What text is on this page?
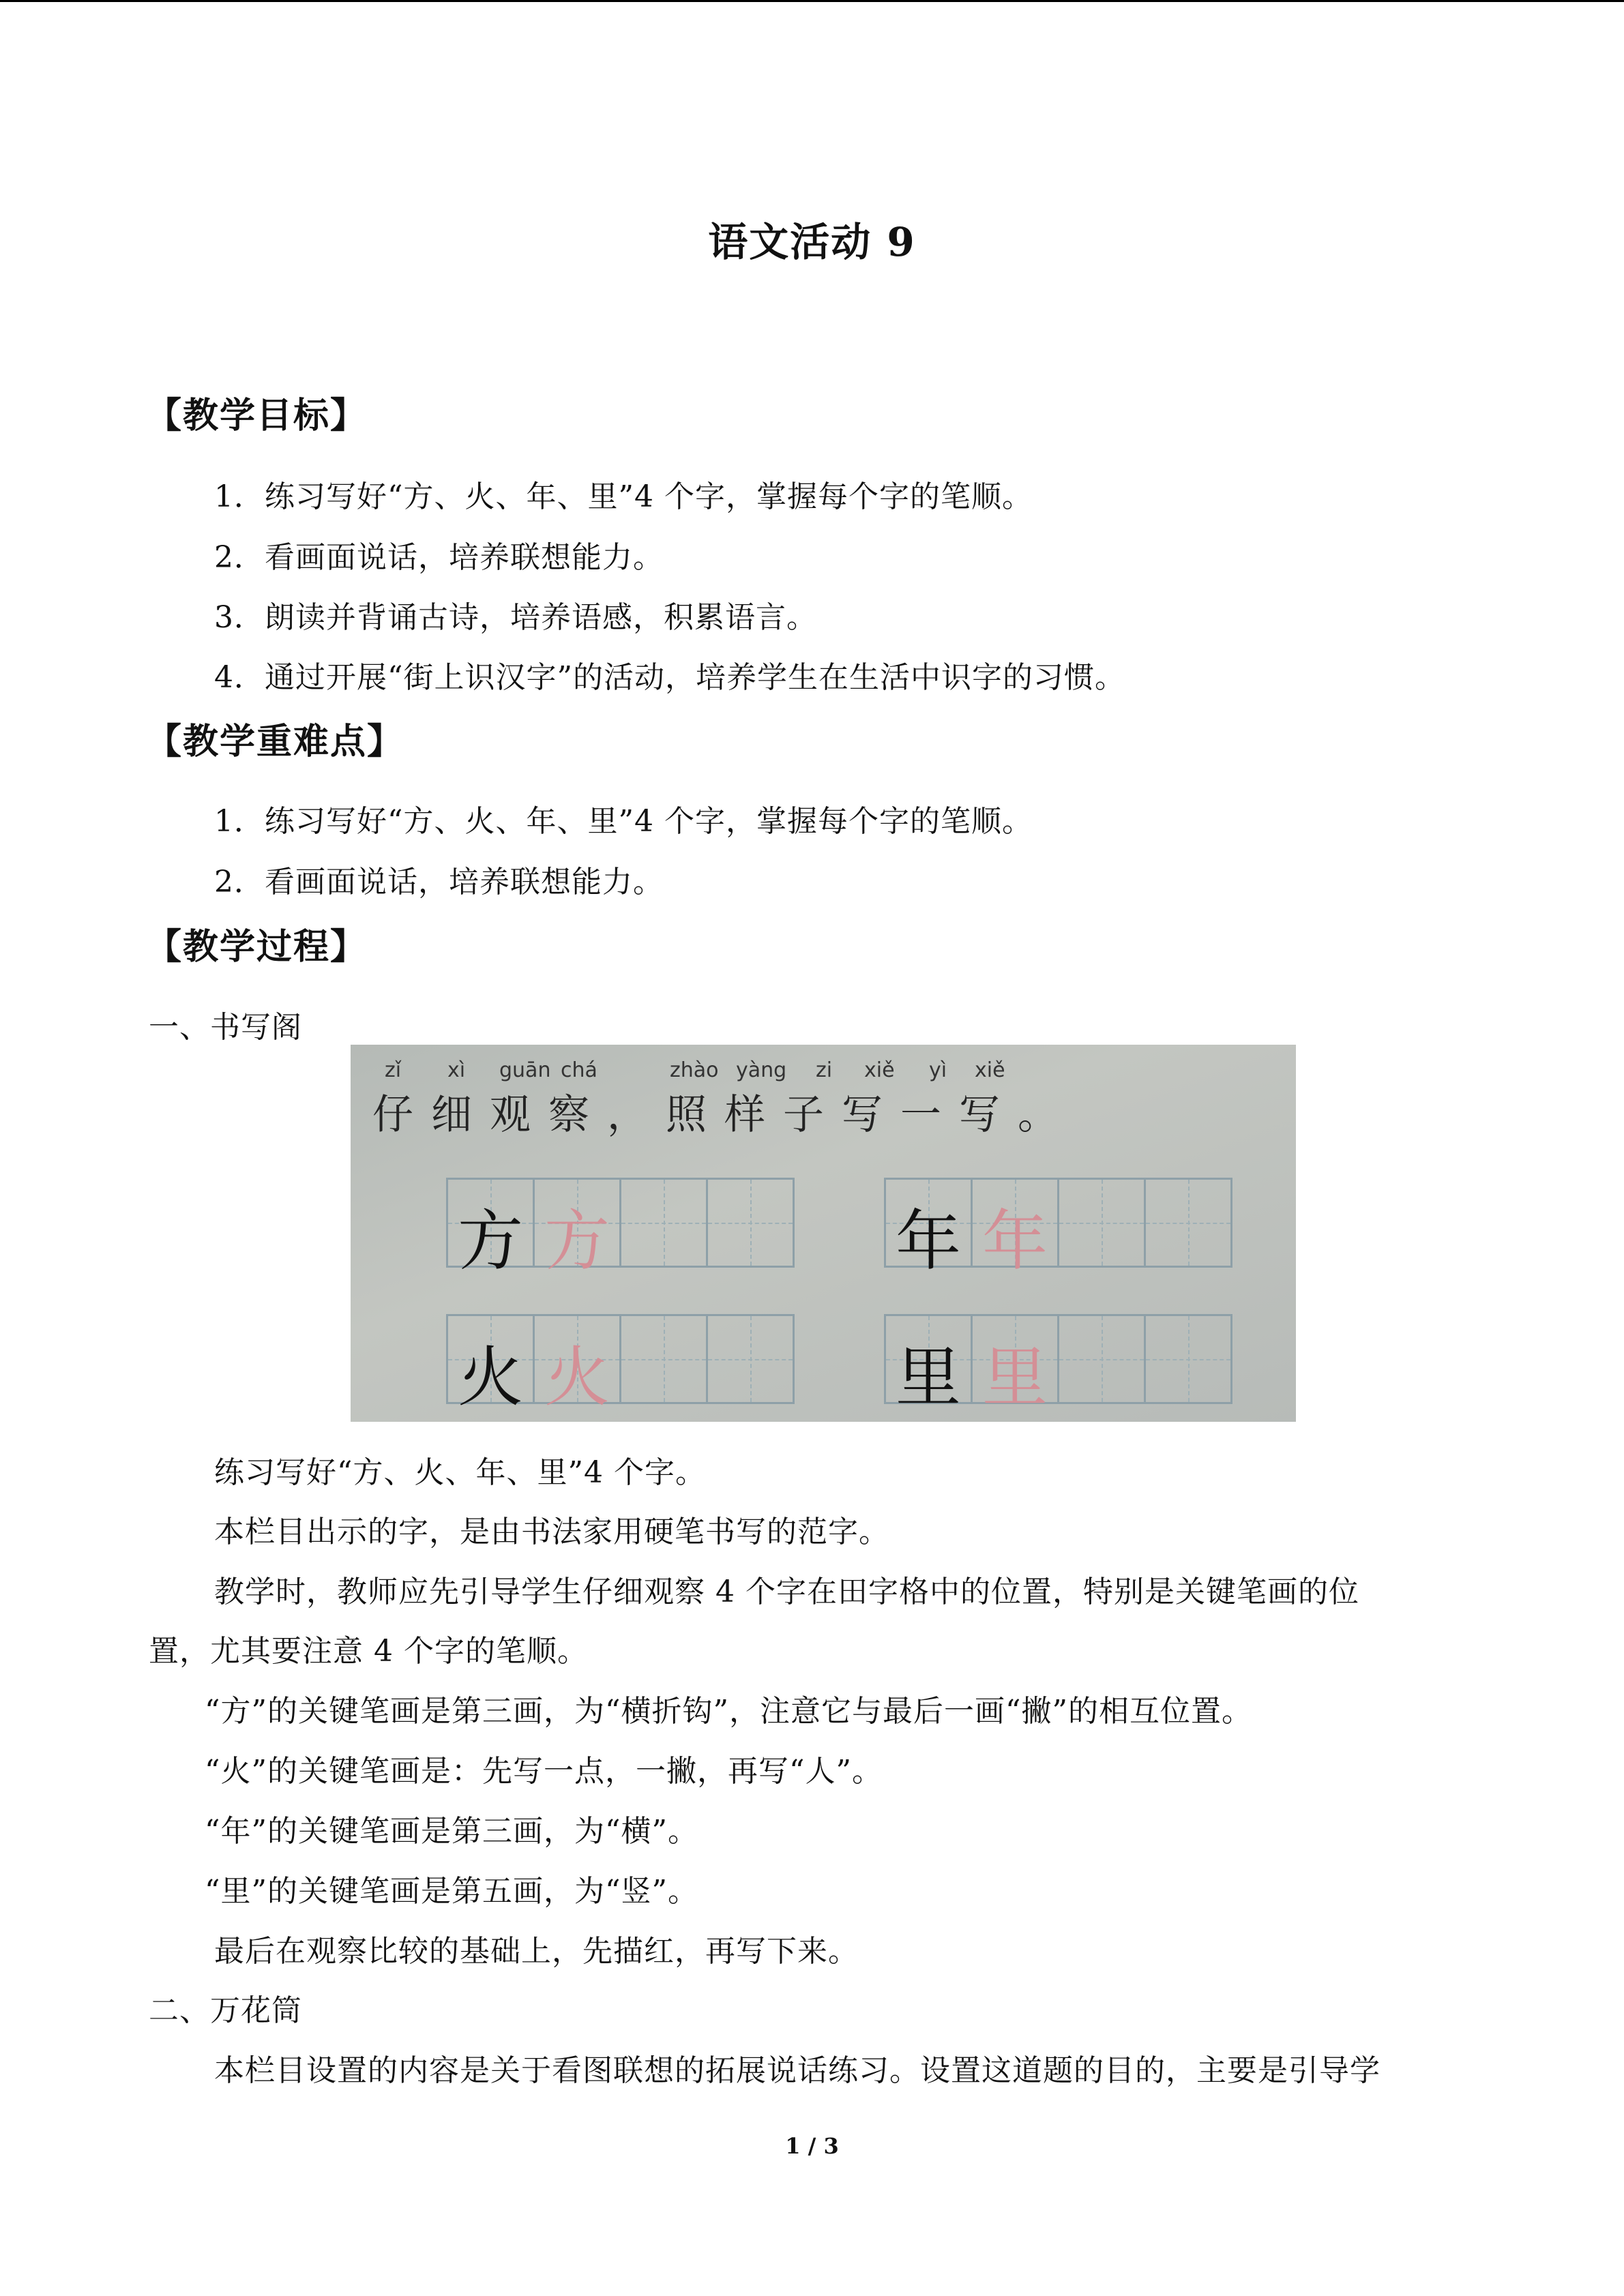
语文活动 9
【教学目标】
1．练习写好“方、火、年、里”4 个字，掌握每个字的笔顺。
2．看画面说话，培养联想能力。
3．朗读并背诵古诗，培养语感，积累语言。
4．通过开展“街上识汉字”的活动，培养学生在生活中识字的习惯。
【教学重难点】
1．练习写好“方、火、年、里”4 个字，掌握每个字的笔顺。
2．看画面说话，培养联想能力。
【教学过程】
一、书写阁
zǐ xì guān chá	zhào yàng zi xiě yì xiě
仔细观察，照样子写一写。
方 方	年 年
火 火	里 里
练习写好“方、火、年、里”4 个字。
本栏目出示的字，是由书法家用硬笔书写的范字。
教学时，教师应先引导学生仔细观察 4 个字在田字格中的位置，特别是关键笔画的位
置，尤其要注意 4 个字的笔顺。
“方”的关键笔画是第三画，为“横折钩”，注意它与最后一画“撇”的相互位置。
“火”的关键笔画是：先写一点，一撇，再写“人”。
“年”的关键笔画是第三画，为“横”。
“里”的关键笔画是第五画，为“竖”。
最后在观察比较的基础上，先描红，再写下来。
二、万花筒
本栏目设置的内容是关于看图联想的拓展说话练习。设置这道题的目的，主要是引导学
1 / 3
